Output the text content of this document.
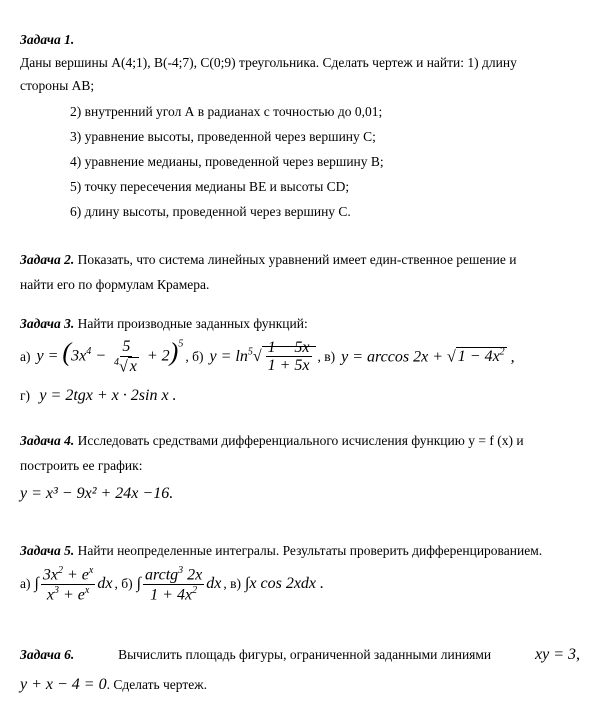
Задача 1.
Даны вершины А(4;1), В(-4;7), С(0;9) треугольника. Сделать чертеж и найти: 1) длину
стороны АВ;
2) внутренний угол А в радианах с точностью до 0,01;
3) уравнение высоты, проведенной через вершину С;
4) уравнение медианы, проведенной через вершину В;
5) точку пересечения медианы ВЕ и высоты СD;
6) длину высоты, проведенной через вершину С.
Задача 2. Показать, что система линейных уравнений имеет един-ственное решение и
найти его по формулам Крамера.
Задача 3. Найти производные заданных функций:
а) $y = (3x^4 - \frac{5}{^4√ x} + 2)^5$
, б) $y = \ln^5√ \frac{1 - 5x}{1 + 5x}$ , в) y = arccos 2x + √ $1 - 4x^2$ ,
г) y = 2tgx + x · 2sin x .
Задача 4. Исследовать средствами дифференциального исчисления функцию y = f (x) и
построить ее график:
y = x³ − 9x² + 24x −16.
Задача 5. Найти неопределенные интегралы. Результаты проверить дифференцированием.
а) ∫ $\frac{3x^2 + e^x}{x^3 + e^x}$ dx , б) ∫ $\frac{arctg^3 2x}{1 + 4x^2}$ dx , в) ∫x cos 2xdx .
Задача 6.	Вычислить площадь фигуры, ограниченной заданными линиями	xy = 3,
y + x − 4 = 0. Сделать чертеж.
